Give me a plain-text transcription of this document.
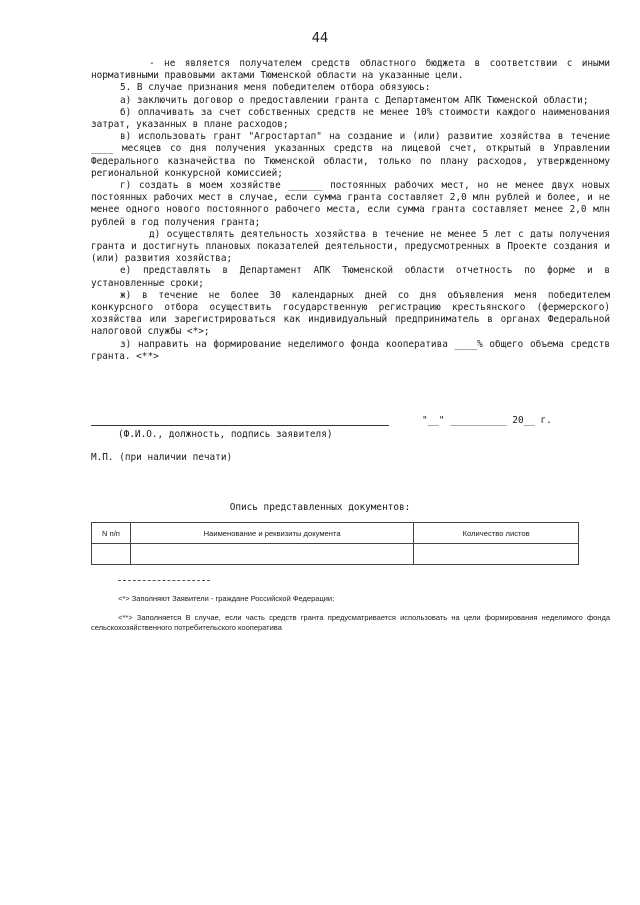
44

- не является получателем средств областного бюджета в соответствии с иными нормативными правовыми актами Тюменской области на указанные цели.

5. В случае признания меня победителем отбора обязуюсь:

а) заключить договор о предоставлении гранта с Департаментом АПК Тюменской области;

б) оплачивать за счет собственных средств не менее 10% стоимости каждого наименования затрат, указанных в плане расходов;

в) использовать грант "Агростартап" на создание и (или) развитие хозяйства в течение ____ месяцев со дня получения указанных средств на лицевой счет, открытый в Управлении Федерального казначейства по Тюменской области, только по плану расходов, утвержденному региональной конкурсной комиссией;

г) создать в моем хозяйстве ______ постоянных рабочих мест, но не менее двух новых постоянных рабочих мест в случае, если сумма гранта составляет 2,0 млн рублей и более, и не менее одного нового постоянного рабочего места, если сумма гранта составляет менее 2,0 млн рублей в год получения гранта;

д) осуществлять деятельность хозяйства в течение не менее 5 лет с даты получения гранта и достигнуть плановых показателей деятельности, предусмотренных в Проекте создания и (или) развития хозяйства;

е) представлять в Департамент АПК Тюменской области отчетность по форме и в установленные сроки;

ж) в течение не более 30 календарных дней со дня объявления меня победителем конкурсного отбора осуществить государственную регистрацию крестьянского (фермерского) хозяйства или зарегистрироваться как индивидуальный предприниматель в органах Федеральной налоговой службы <*>;

з) направить на формирование неделимого фонда кооператива ____% общего объема средств гранта. <**>

"__" __________ 20__ г.
(Ф.И.О., должность, подпись заявителя)
М.П. (при наличии печати)
Опись представленных документов:
N п/п	Наименование и реквизиты документа	Количество листов

<*> Заполняют Заявители - граждане Российской Федерации;
<**> Заполняется В случае, если часть средств гранта предусматривается использовать на цели формирования неделимого фонда сельскохозяйственного потребительского кооператива
